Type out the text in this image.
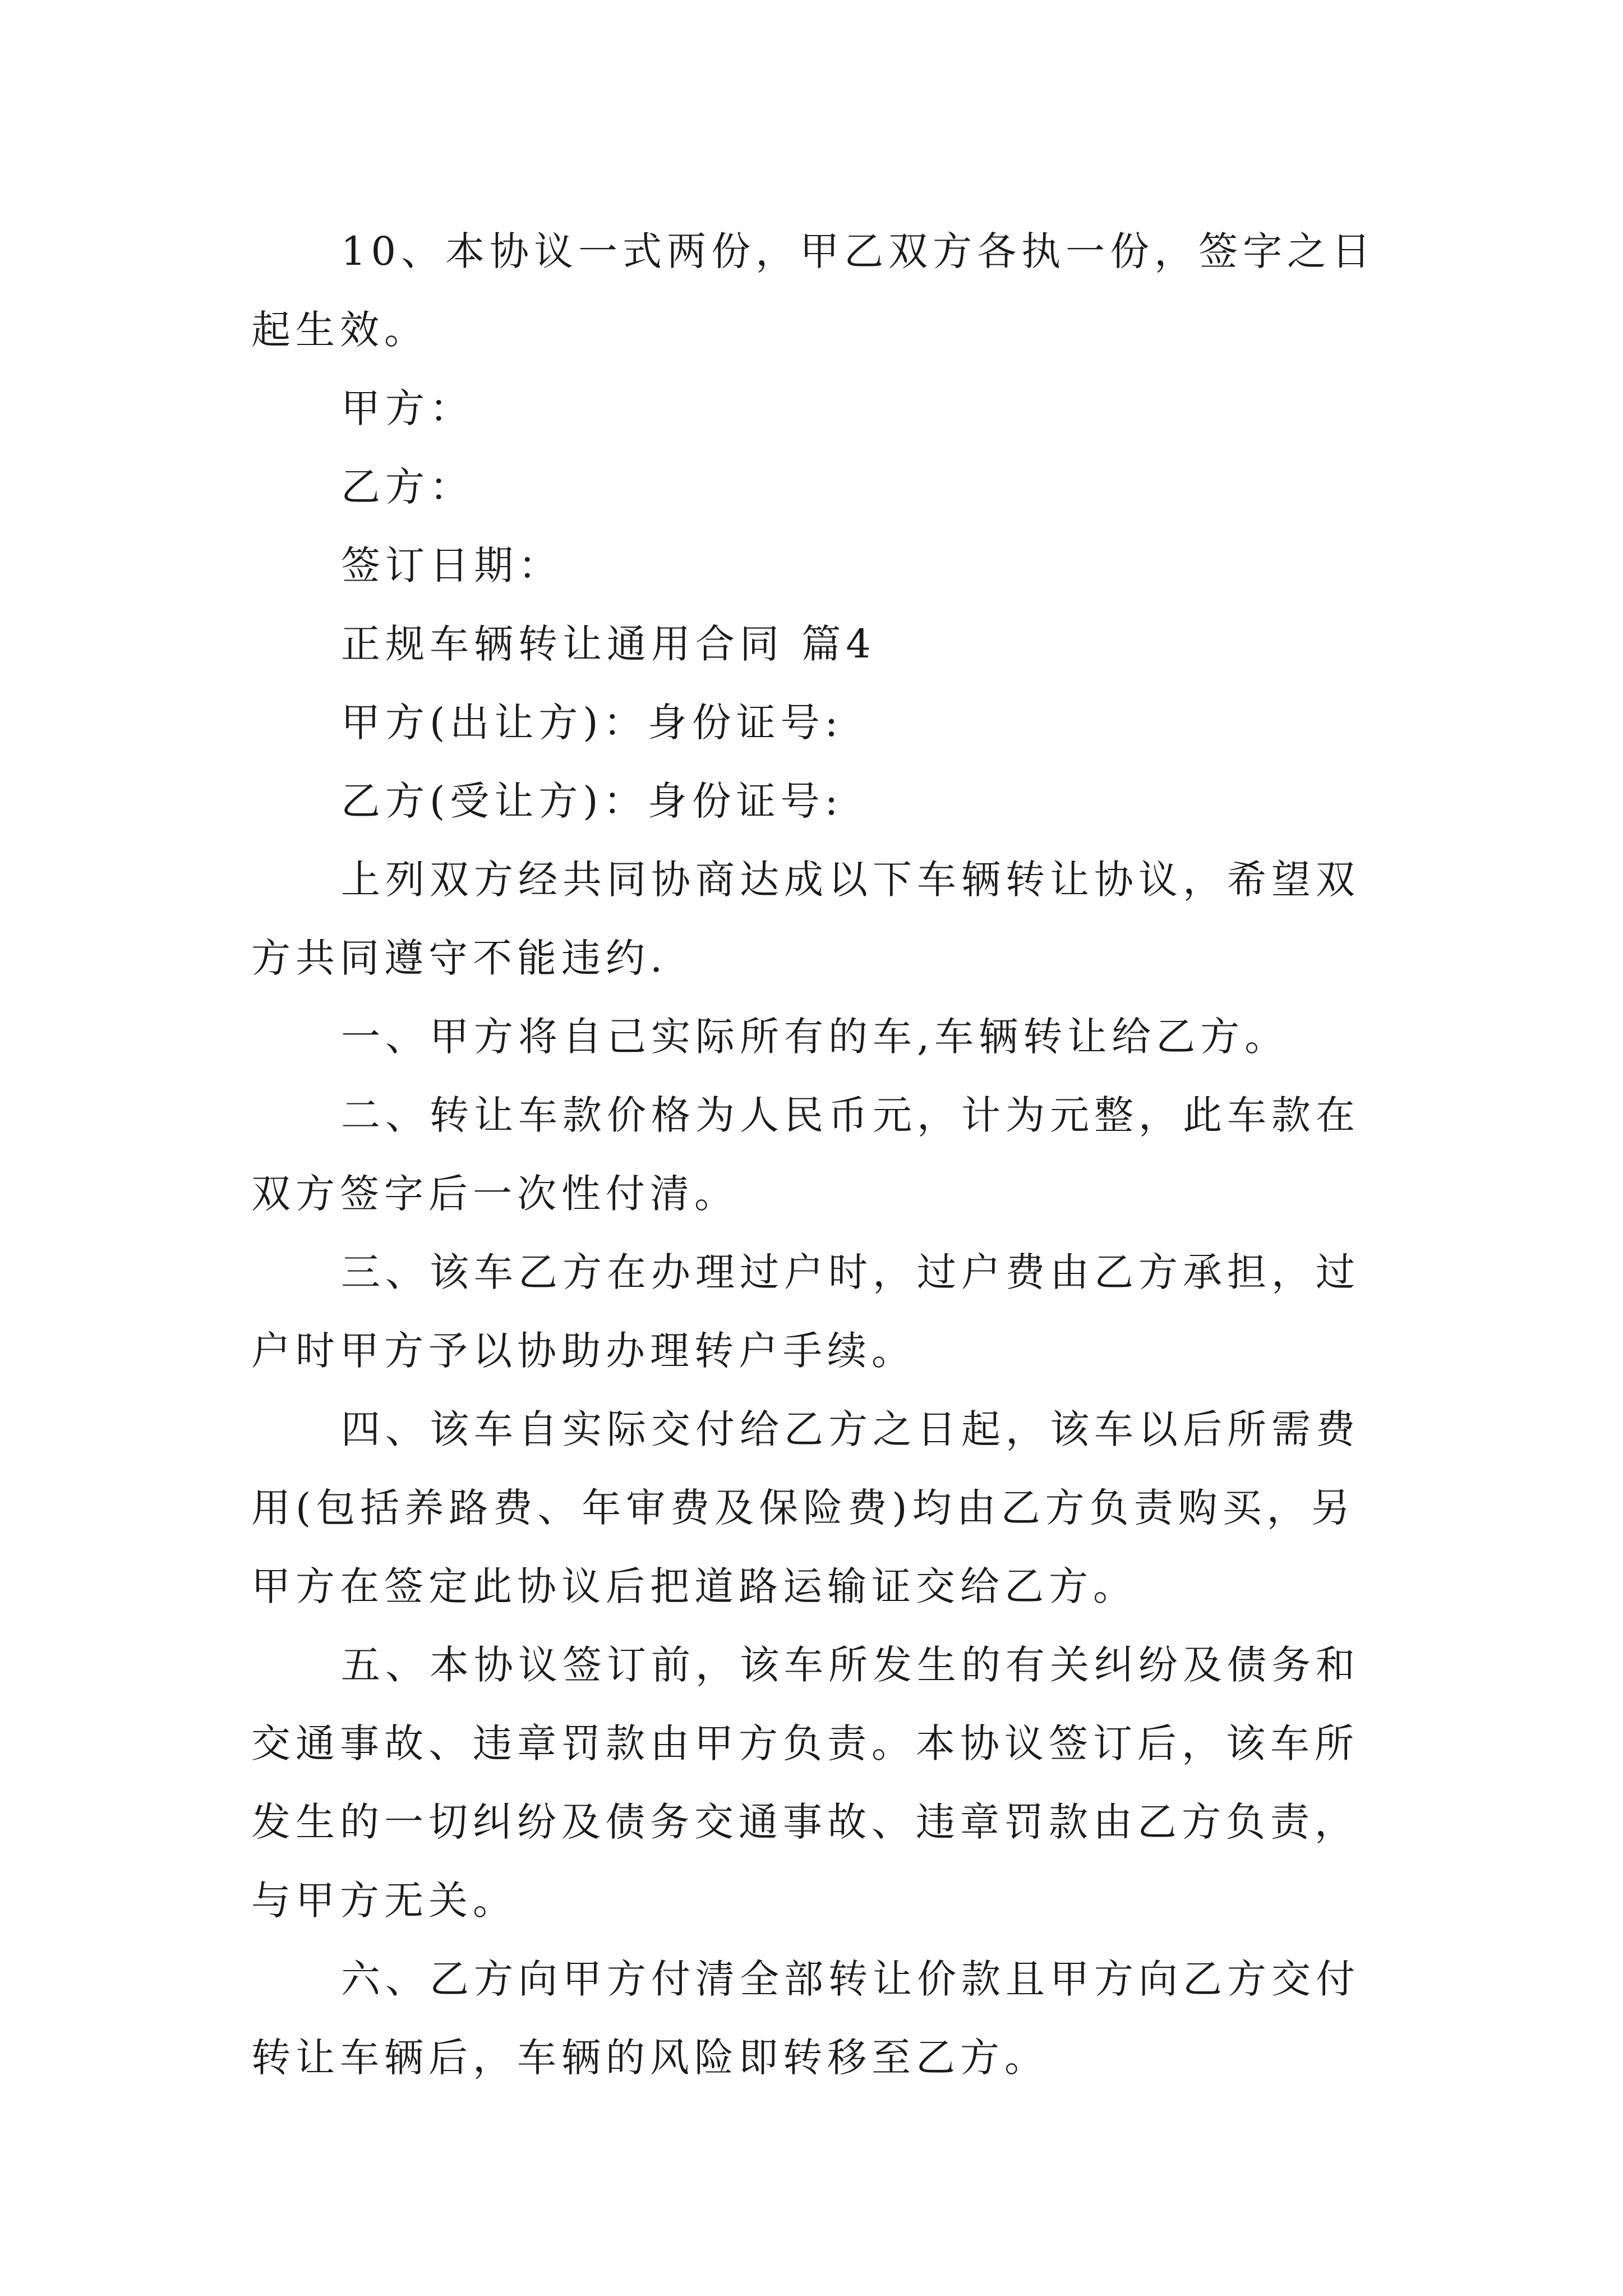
10、本协议一式两份，甲乙双方各执一份，签字之日起生效。

甲方：

乙方：

签订日期：

正规车辆转让通用合同 篇4

甲方(出让方)：身份证号:

乙方(受让方)：身份证号:

上列双方经共同协商达成以下车辆转让协议，希望双方共同遵守不能违约.

一、甲方将自己实际所有的车,车辆转让给乙方。

二、转让车款价格为人民币元，计为元整，此车款在双方签字后一次性付清。

三、该车乙方在办理过户时，过户费由乙方承担，过户时甲方予以协助办理转户手续。

四、该车自实际交付给乙方之日起，该车以后所需费用(包括养路费、年审费及保险费)均由乙方负责购买，另甲方在签定此协议后把道路运输证交给乙方。

五、本协议签订前，该车所发生的有关纠纷及债务和交通事故、违章罚款由甲方负责。本协议签订后，该车所发生的一切纠纷及债务交通事故、违章罚款由乙方负责，与甲方无关。

六、乙方向甲方付清全部转让价款且甲方向乙方交付转让车辆后，车辆的风险即转移至乙方。
